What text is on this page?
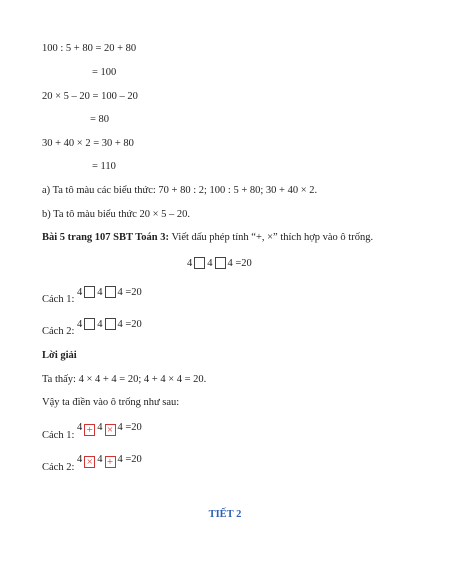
100 : 5 + 80 = 20 + 80
= 100
20 × 5 – 20 = 100 – 20
= 80
30 + 40 × 2 = 30 + 80
= 110
a) Ta tô màu các biểu thức: 70 + 80 : 2; 100 : 5 + 80; 30 + 40 × 2.
b) Ta tô màu biểu thức 20 × 5 – 20.
Bài 5 trang 107 SBT Toán 3: Viết dấu phép tính “+, ×” thích hợp vào ô trống.
4 4 4 =20
Cách 1:
4 4 4 =20
Cách 2:
4 4 4 =20
Lời giải
Ta thấy: 4 × 4 + 4 = 20; 4 + 4 × 4 = 20.
Vậy ta điền vào ô trống như sau:
Cách 1:
4 + 4 × 4 =20
Cách 2:
4 × 4 + 4 =20
TIẾT 2
